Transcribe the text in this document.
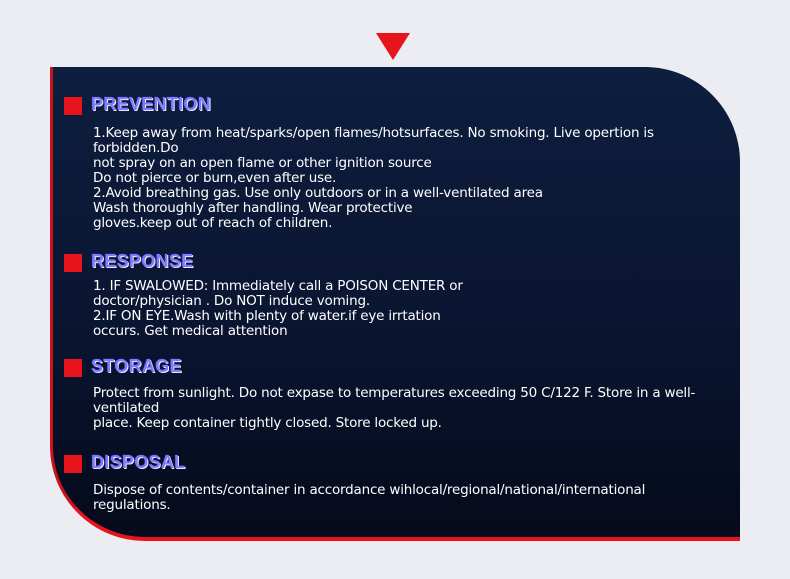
PREVENTION
1.Keep away from heat/sparks/open flames/hotsurfaces. No smoking. Live opertion is forbidden.Do
not spray on an open flame or other ignition source
Do not pierce or burn,even after use.
2.Avoid breathing gas. Use only outdoors or in a well-ventilated area
Wash thoroughly after handling. Wear protective
gloves.keep out of reach of children.
RESPONSE
1. IF SWALOWED: Immediately call a POISON CENTER or
doctor/physician . Do NOT induce voming.
2.IF ON EYE.Wash with plenty of water.if eye irrtation
occurs. Get medical attention
STORAGE
Protect from sunlight. Do not expase to temperatures exceeding 50 C/122 F. Store in a well-ventilated
place. Keep container tightly closed. Store locked up.
DISPOSAL
Dispose of contents/container in accordance wihlocal/regional/national/international regulations.
